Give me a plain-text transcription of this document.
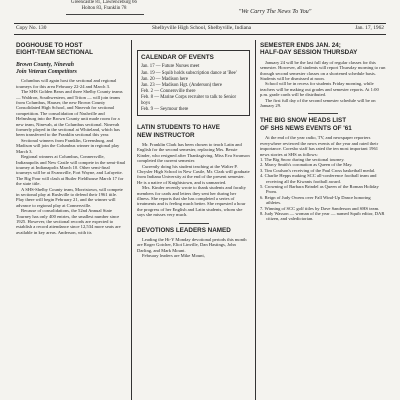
Greencastle 81, Lawrenceburg 66

Holton 83, Franklin 78	"We Carry The News To You"

Copy No. 130	Shelbyville High School, Shelbyville, Indiana	Jan. 17, 1962

DOGHOUSE TO HOST
EIGHT-TEAM SECTIONAL

Brown County, Ninevah

Join Veteran Competitors

Columbus will again host the sectional and regional tourneys for this area February 22-24 and March 3.

The SHS Golden Bears and three Shelby County teams — Waldron, Southwestern, and Triton — will join teams from Columbus, Hauser, the new Brown County Consolidated High School, and Ninevah for sectional competition. The consolidation of Nashville and Helmsburg into the Brown County unit made room for a new team, Ninevah, at the Columbus sectional. Ninevah formerly played in the sectional at Whiteland, which has been transferred to the Franklin sectional this year.

Sectional winners from Franklin, Greensburg, and Madison will join the Columbus winner in regional play March 3.

Regional winners at Columbus, Connersville, Indianapolis and New Castle will compete in the semi-final tourney at Indianapolis March 10. Other semi-final tourneys will be at Evansville, Fort Wayne, and Lafayette. The Big Four will clash at Butler Fieldhouse March 17 for the state title.

A SHS-Shelby County team, Morristown, will compete in sectional play at Rushville to defend their 1961 title. Play there will begin February 21, and the winner will advance to regional play at Connersville.

Because of consolidations, the 52nd Annual State Tourney has only 400 entries, the smallest number since 1925. However, the sectional records are expected to establish a record attendance since 12,534 more seats are available in key areas. Anderson, with its

CALENDAR OF EVENTS
Jan. 17 — Future Nurses meet
Jan. 19 — Squib holds subscription dance at 'Bee'
Jan. 20 — Madison here
Jan. 23 — Madison Hgt. (Anderson) there
Feb. 2 — Connersville there
Feb. 8 — Marine Corps recruiter to talk to Senior boys
Feb. 9 — Seymour there
LATIN STUDENTS TO HAVE
NEW INSTRUCTOR

Mr. Franklin Clark has been chosen to teach Latin and English for the second semester, replacing Mrs. Bessie Kinder, who resigned after Thanksgiving. Miss Eva Swanson completed the current semester.

Currently doing his student teaching at the Walter P. Chrysler High School in New Castle, Mr. Clark will graduate from Indiana University at the end of the present semester. He is a native of Knightstown, and is unmarried.

Mrs. Kinder recently wrote to thank students and faculty members for cards and letters they sent her during her illness. She reports that she has completed a series of treatments and is feeling much better. She requested a hour the progress of her English and Latin students, whom she says she misses very much.

DEVOTIONS LEADERS NAMED

Leading the Hi-Y Monday devotional periods this month are Roger Gotcher, Eliot Linville, Dan Hastings, John Darling, and Mark Mount.

February leaders are Mike Mount,

SEMESTER ENDS JAN. 24;
HALF-DAY SESSION THURSDAY

January 24 will be the last full day of regular classes for this semester. However, all students will report Thursday morning to run through second semester classes on a shortened schedule basis. Students will be dismissed at noon.

School will be in recess for students Friday morning, while teachers will be making out grades and semester reports. At 1:00 p.m. grade cards will be distributed.

The first full day of the second semester schedule will be on January 29.

THE BIG SNOW HEADS LIST
OF SHS NEWS EVENTS OF '61

At the end of the year radio, TV, and newspaper reporters everywhere reviewed the news events of the year and rated their importance. Coresbo staff has rated the ten most important 1961 news stories at SHS as follows:

1. The Big Snow during the sectional tourney.
2. Marcy Smith's coronation as Queen of the May.
3. Tim Coulson's receiving of the Paul Cross basketball medal.
4. Charlie Hepps making SCC all-conference football team and receiving all the Kiwanis football award.
5. Crowning of Barbara Brindel as Queen of the Roman Holiday Prom.
6. Reign of Judy Owens over Fall Wind-Up Dance honoring athletes.
7. Winning of SCC golf titles by Dave Sanderson and SHS team.
8. Judy Wasson — woman of the year — named Squib editor, DAR citizen, and valedictorian.
